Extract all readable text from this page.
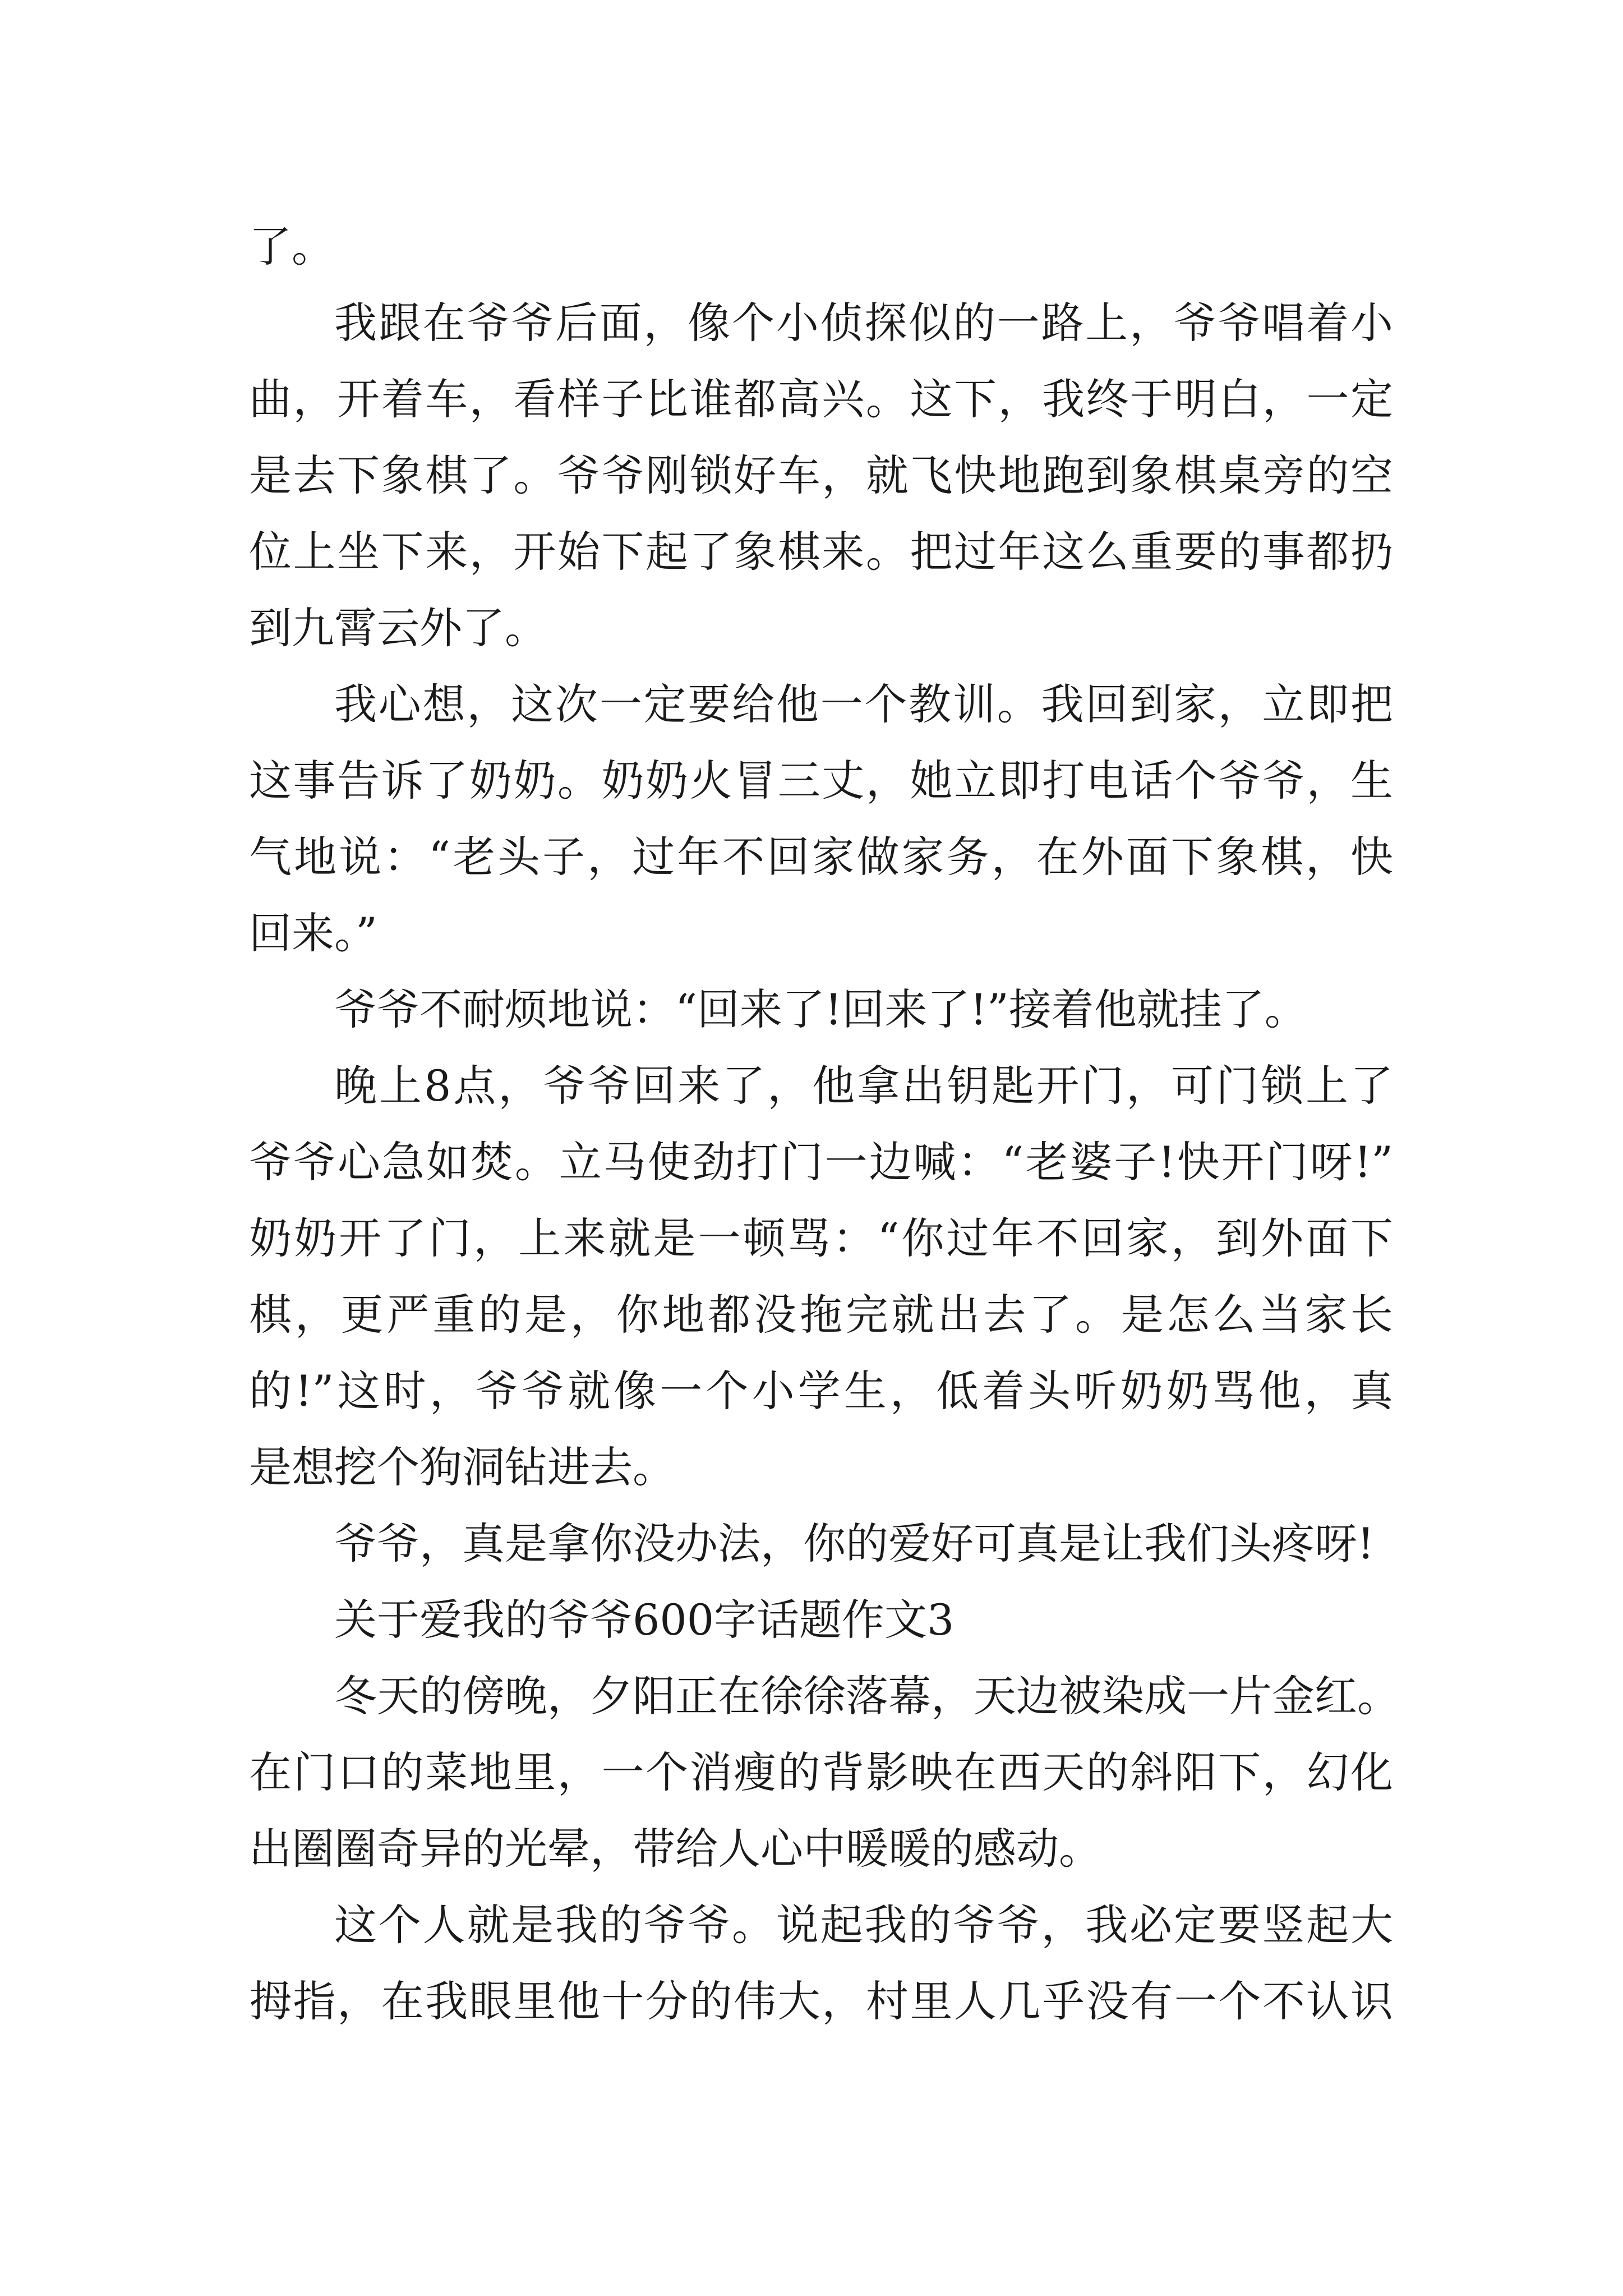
了。
我跟在爷爷后面，像个小侦探似的一路上，爷爷唱着小
曲，开着车，看样子比谁都高兴。这下，我终于明白，一定
是去下象棋了。爷爷刚锁好车，就飞快地跑到象棋桌旁的空
位上坐下来，开始下起了象棋来。把过年这么重要的事都扔
到九霄云外了。
我心想，这次一定要给他一个教训。我回到家，立即把
这事告诉了奶奶。奶奶火冒三丈，她立即打电话个爷爷，生
气地说：“老头子，过年不回家做家务，在外面下象棋，快
回来。”
爷爷不耐烦地说：“回来了!回来了!”接着他就挂了。
晚上8点，爷爷回来了，他拿出钥匙开门，可门锁上了
爷爷心急如焚。立马使劲打门一边喊：“老婆子!快开门呀!”
奶奶开了门，上来就是一顿骂：“你过年不回家，到外面下
棋，更严重的是，你地都没拖完就出去了。是怎么当家长
的!”这时，爷爷就像一个小学生，低着头听奶奶骂他，真
是想挖个狗洞钻进去。
爷爷，真是拿你没办法，你的爱好可真是让我们头疼呀!
关于爱我的爷爷600字话题作文3
冬天的傍晚，夕阳正在徐徐落幕，天边被染成一片金红。
在门口的菜地里，一个消瘦的背影映在西天的斜阳下，幻化
出圈圈奇异的光晕，带给人心中暖暖的感动。
这个人就是我的爷爷。说起我的爷爷，我必定要竖起大
拇指，在我眼里他十分的伟大，村里人几乎没有一个不认识
